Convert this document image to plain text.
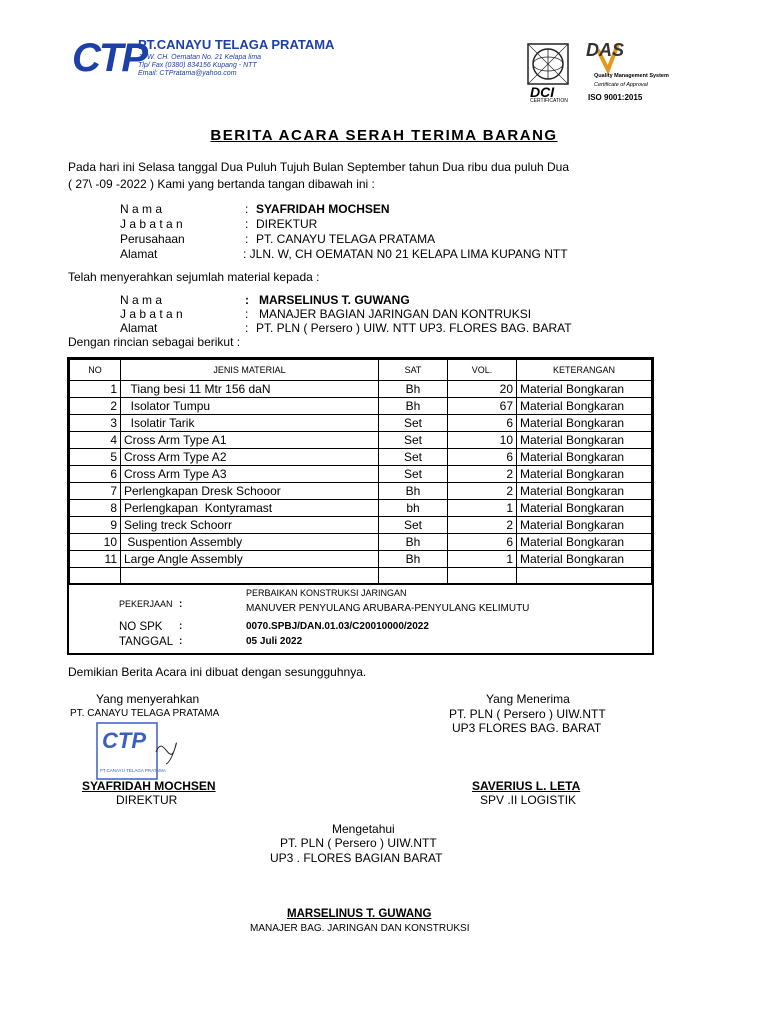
CTP
PT.CANAYU TELAGA PRATAMA
Jl. W. CH. Oematan No. 21 Kelapa lima
Tlp/ Fax (0380) 834156 Kupang - NTT
Email: CTPratama@yahoo.com
DCI
CERTIFICATION
DAS
Quality Management System
Certificate of Approval
ISO 9001:2015
BERITA ACARA SERAH TERIMA BARANG
Pada hari ini Selasa tanggal Dua Puluh Tujuh Bulan September tahun Dua ribu dua puluh Dua
( 27\ -09 -2022 ) Kami yang bertanda tangan dibawah ini :
N a m a	: SYAFRIDAH MOCHSEN
J a b a t a n	: DIREKTUR
Perusahaan	: PT. CANAYU TELAGA PRATAMA
Alamat	: JLN. W, CH OEMATAN N0 21 KELAPA LIMA KUPANG NTT
Telah menyerahkan sejumlah material kepada :
N a m a	: MARSELINUS T. GUWANG
J a b a t a n	: MANAJER BAGIAN JARINGAN DAN KONTRUKSI
Alamat	: PT. PLN ( Persero ) UIW. NTT UP3. FLORES BAG. BARAT
Dengan rincian sebagai berikut :
NO	JENIS MATERIAL	SAT	VOL.	KETERANGAN
1	Tiang besi 11 Mtr 156 daN	Bh	20	Material Bongkaran
2	Isolator Tumpu	Bh	67	Material Bongkaran
3	Isolatir Tarik	Set	6	Material Bongkaran
4	Cross Arm Type A1	Set	10	Material Bongkaran
5	Cross Arm Type A2	Set	6	Material Bongkaran
6	Cross Arm Type A3	Set	2	Material Bongkaran
7	Perlengkapan Dresk Schooor	Bh	2	Material Bongkaran
8	Perlengkapan  Kontyramast	bh	1	Material Bongkaran
9	Seling treck Schoorr	Set	2	Material Bongkaran
10	Suspention Assembly	Bh	6	Material Bongkaran
11	Large Angle Assembly	Bh	1	Material Bongkaran

PEKERJAAN :
PERBAIKAN KONSTRUKSI JARINGAN
MANUVER PENYULANG ARUBARA-PENYULANG KELIMUTU
NO SPK :	0070.SPBJ/DAN.01.03/C20010000/2022
TANGGAL :	05 Juli 2022
Demikian Berita Acara ini dibuat dengan sesungguhnya.
Yang menyerahkan
PT. CANAYU TELAGA PRATAMA
CTP
PT.CANAYU TELAGA PRATAMA
SYAFRIDAH MOCHSEN
DIREKTUR
Yang Menerima
PT. PLN ( Persero ) UIW.NTT
UP3 FLORES BAG. BARAT
SAVERIUS L. LETA
SPV .II LOGISTIK
Mengetahui
PT. PLN ( Persero ) UIW.NTT
UP3 . FLORES BAGIAN BARAT
MARSELINUS T. GUWANG
MANAJER BAG. JARINGAN DAN KONSTRUKSI
